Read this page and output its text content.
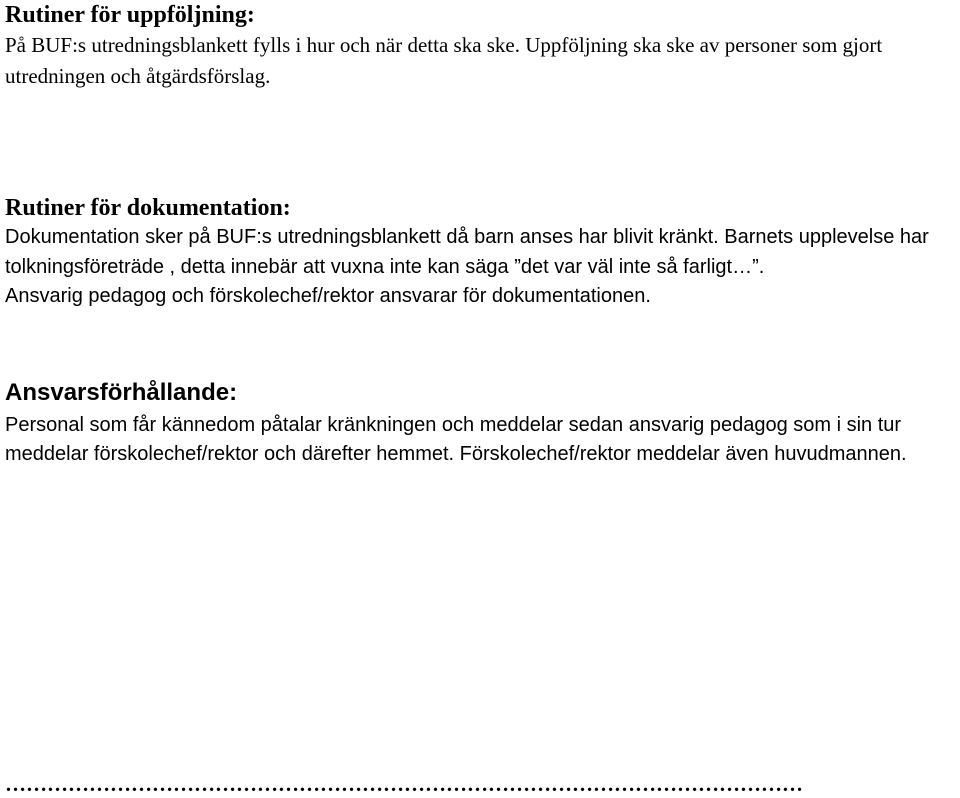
Rutiner för uppföljning:

På BUF:s utredningsblankett fylls i hur och när detta ska ske. Uppföljning ska ske av personer som gjort utredningen och åtgärdsförslag.

Rutiner för dokumentation:

Dokumentation sker på BUF:s utredningsblankett då barn anses har blivit kränkt. Barnets upplevelse har tolkningsföreträde , detta innebär att vuxna inte kan säga ”det var väl inte så farligt…”.

Ansvarig pedagog och förskolechef/rektor ansvarar för dokumentationen.

Ansvarsförhållande:

Personal som får kännedom påtalar kränkningen och meddelar sedan ansvarig pedagog som i sin tur meddelar förskolechef/rektor och därefter hemmet. Förskolechef/rektor meddelar även huvudmannen.

……………………………………………………………………………………………………
